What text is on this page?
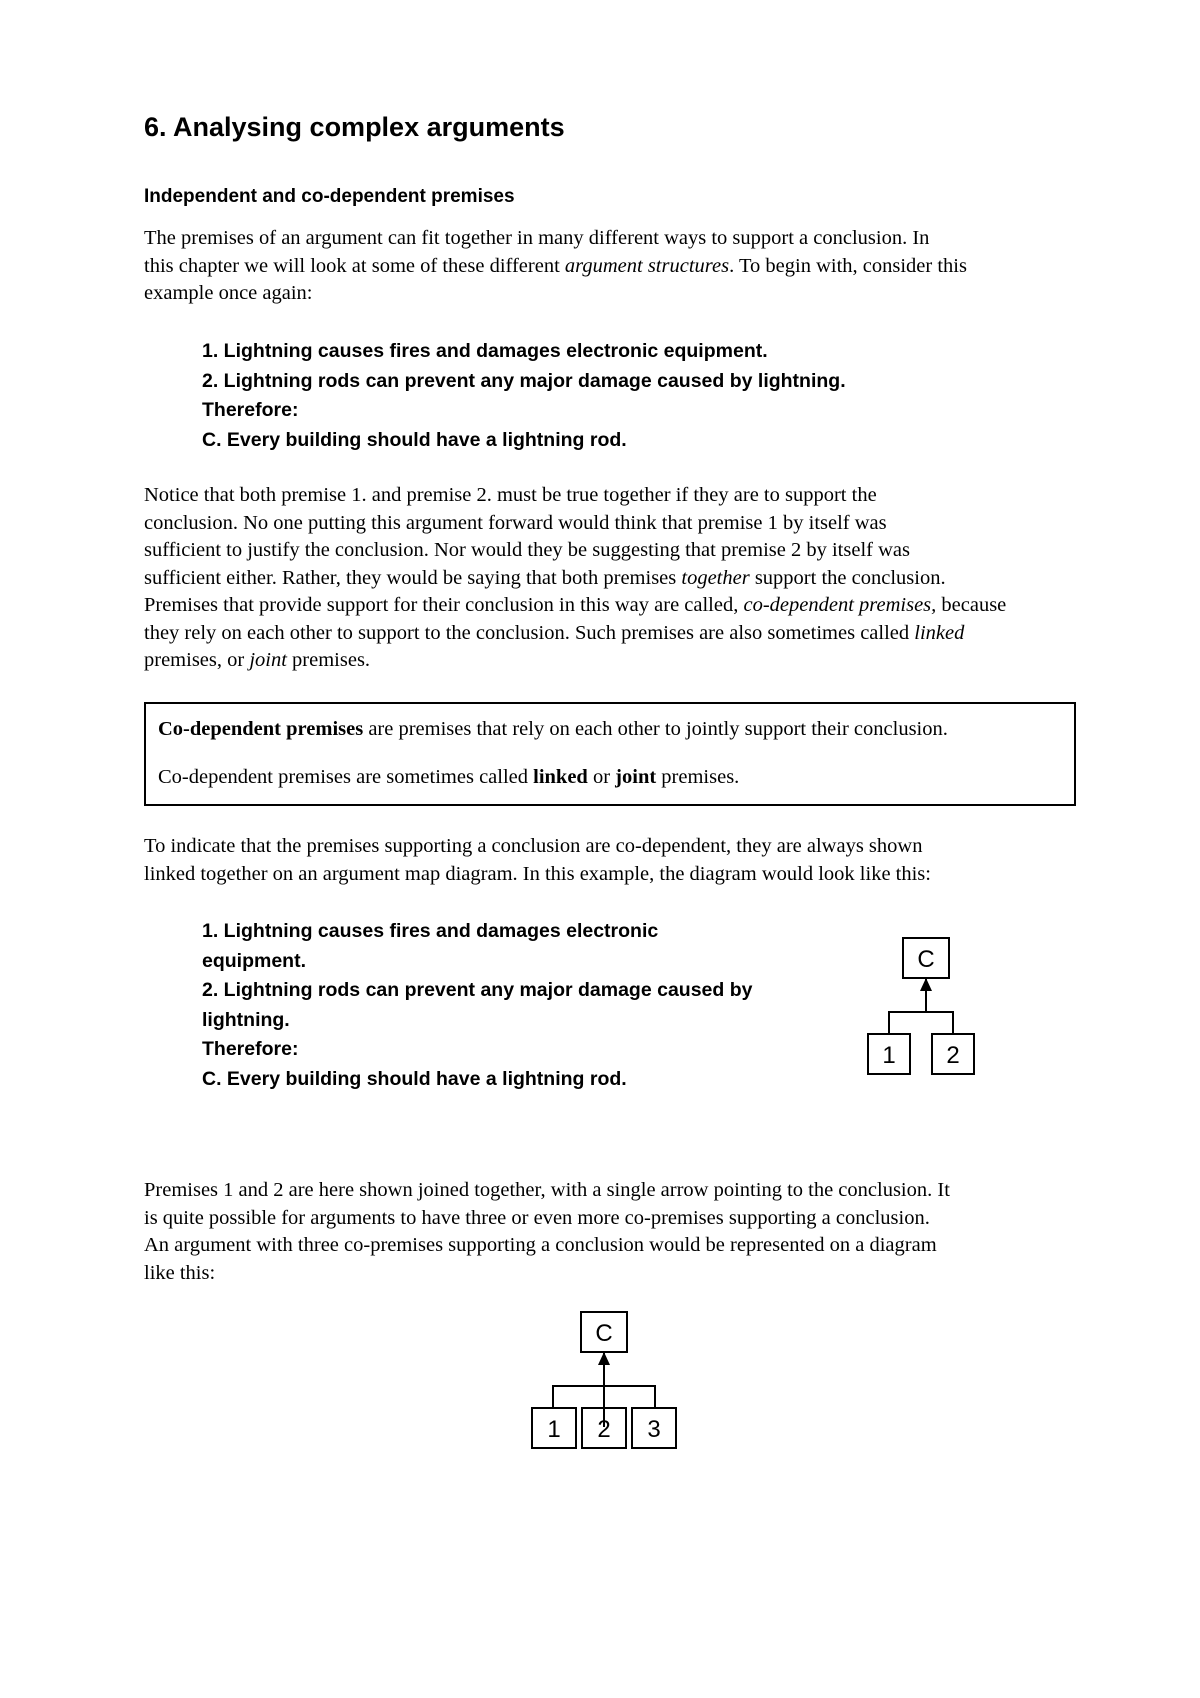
6. Analysing complex arguments
Independent and co-dependent premises
The premises of an argument can fit together in many different ways to support a conclusion. In
this chapter we will look at some of these different argument structures. To begin with, consider this
example once again:
1. Lightning causes fires and damages electronic equipment.
2. Lightning rods can prevent any major damage caused by lightning.
Therefore:
C. Every building should have a lightning rod.
Notice that both premise 1. and premise 2. must be true together if they are to support the
conclusion. No one putting this argument forward would think that premise 1 by itself was
sufficient to justify the conclusion. Nor would they be suggesting that premise 2 by itself was
sufficient either. Rather, they would be saying that both premises together support the conclusion.
Premises that provide support for their conclusion in this way are called, co-dependent premises, because
they rely on each other to support to the conclusion. Such premises are also sometimes called linked
premises, or joint premises.

Co-dependent premises are premises that rely on each other to jointly support their conclusion.

Co-dependent premises are sometimes called linked or joint premises.

To indicate that the premises supporting a conclusion are co-dependent, they are always shown
linked together on an argument map diagram. In this example, the diagram would look like this:
1. Lightning causes fires and damages electronic
equipment.
2. Lightning rods can prevent any major damage caused by
lightning.
Therefore:
C. Every building should have a lightning rod.
C
1 2
Premises 1 and 2 are here shown joined together, with a single arrow pointing to the conclusion. It
is quite possible for arguments to have three or even more co-premises supporting a conclusion.
An argument with three co-premises supporting a conclusion would be represented on a diagram
like this:
C
1 2 3
